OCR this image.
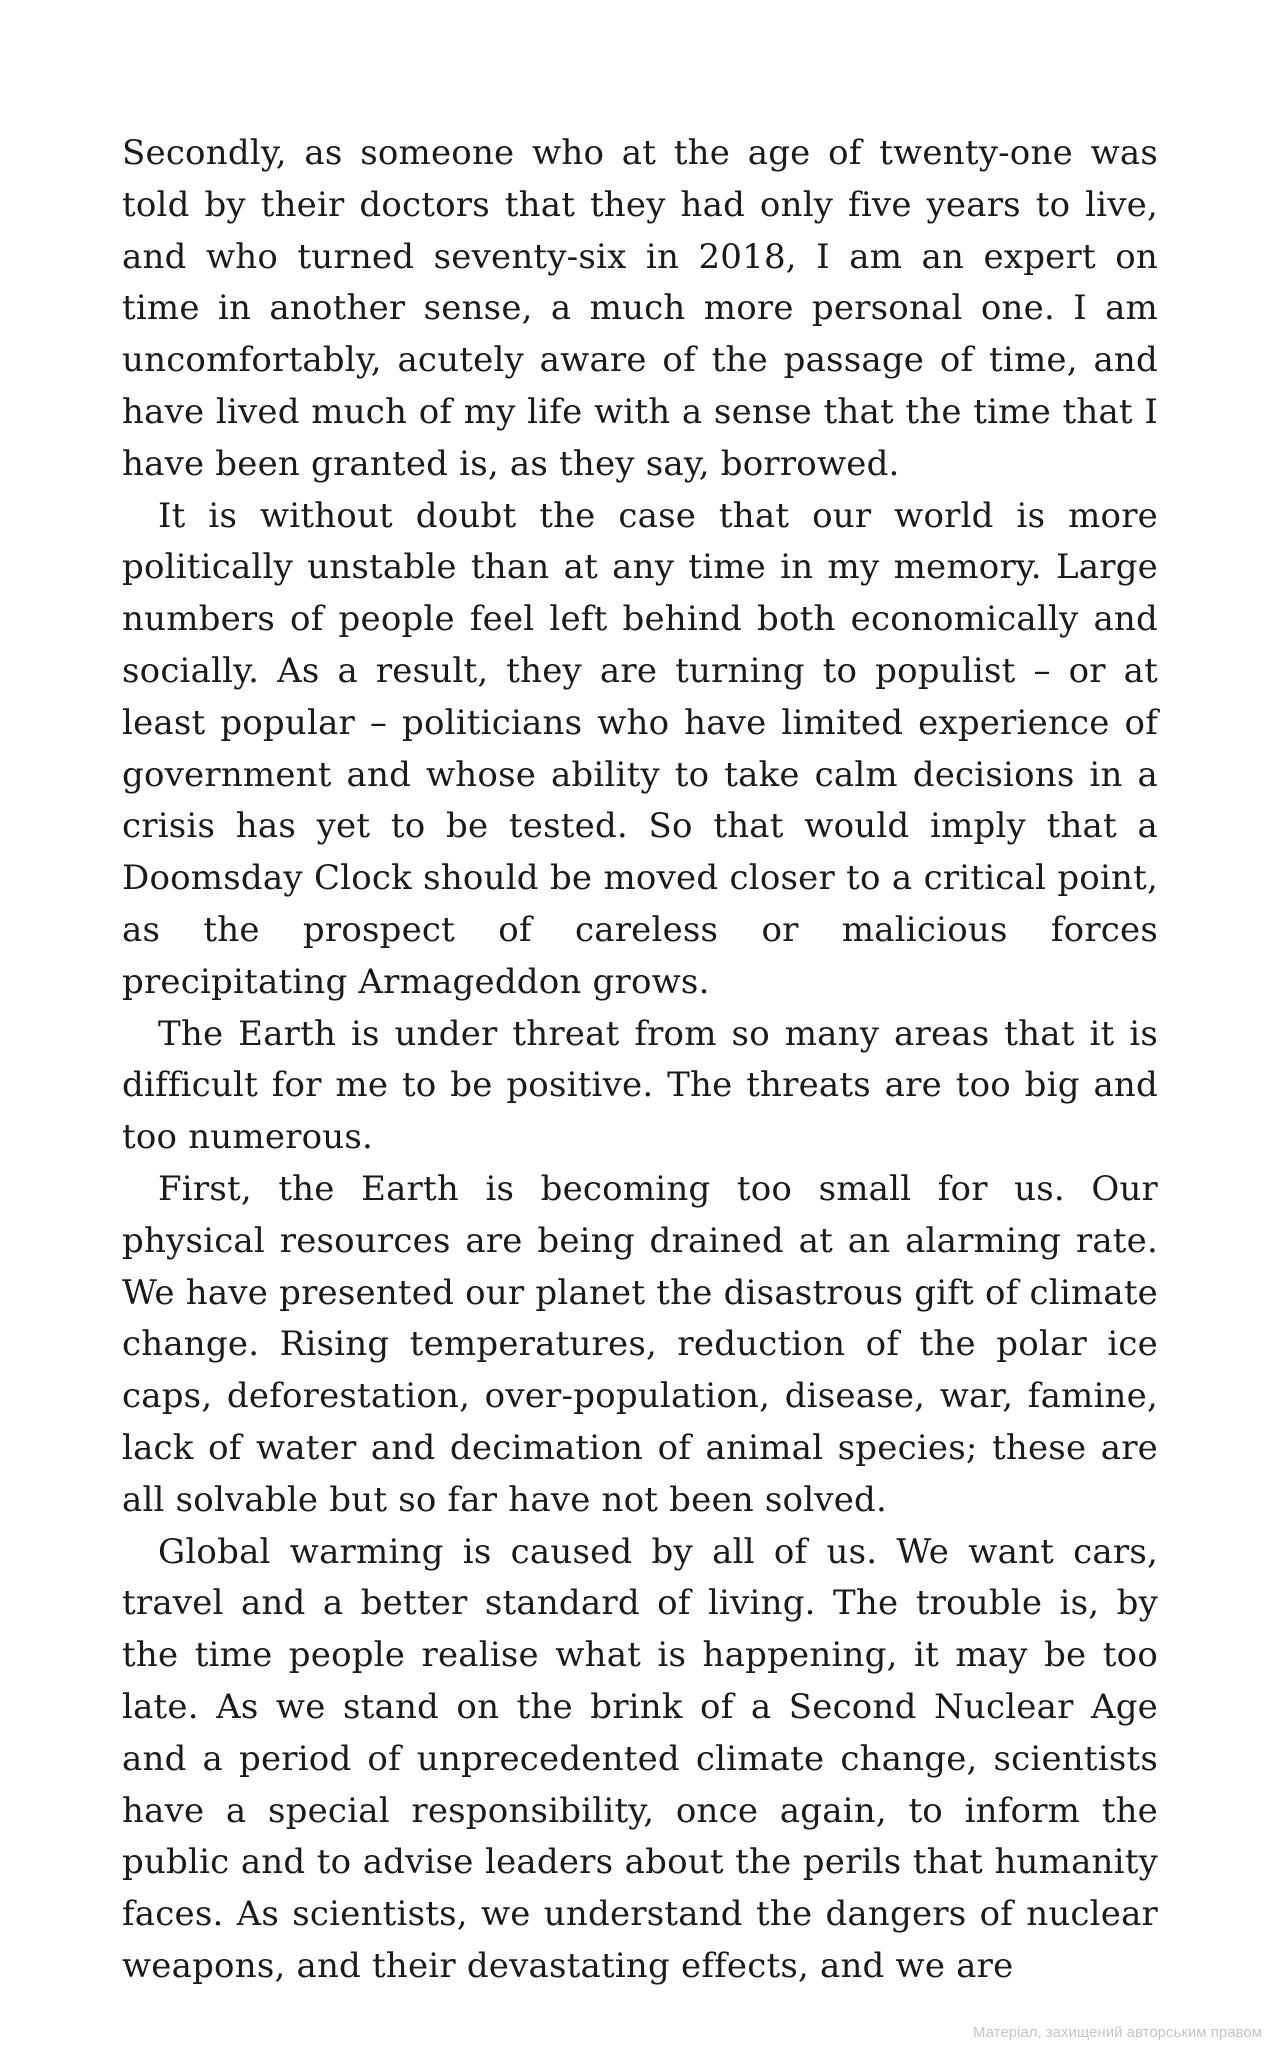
Secondly, as someone who at the age of twenty-one was told by their doctors that they had only five years to live, and who turned seventy-six in 2018, I am an expert on time in another sense, a much more personal one. I am uncomfortably, acutely aware of the passage of time, and have lived much of my life with a sense that the time that I have been granted is, as they say, borrowed.

It is without doubt the case that our world is more politically unstable than at any time in my memory. Large numbers of people feel left behind both economically and socially. As a result, they are turning to populist – or at least popular – politicians who have limited experience of government and whose ability to take calm decisions in a crisis has yet to be tested. So that would imply that a Doomsday Clock should be moved closer to a critical point, as the prospect of careless or malicious forces precipitating Armageddon grows.

The Earth is under threat from so many areas that it is difficult for me to be positive. The threats are too big and too numerous.

First, the Earth is becoming too small for us. Our physical resources are being drained at an alarming rate. We have presented our planet the disastrous gift of climate change. Rising temperatures, reduction of the polar ice caps, deforestation, over-population, disease, war, famine, lack of water and decimation of animal species; these are all solvable but so far have not been solved.

Global warming is caused by all of us. We want cars, travel and a better standard of living. The trouble is, by the time people realise what is happening, it may be too late. As we stand on the brink of a Second Nuclear Age and a period of unprecedented climate change, scientists have a special responsibility, once again, to inform the public and to advise leaders about the perils that humanity faces. As scientists, we understand the dangers of nuclear weapons, and their devastating effects, and we are

Матеріал, захищений авторським правом
